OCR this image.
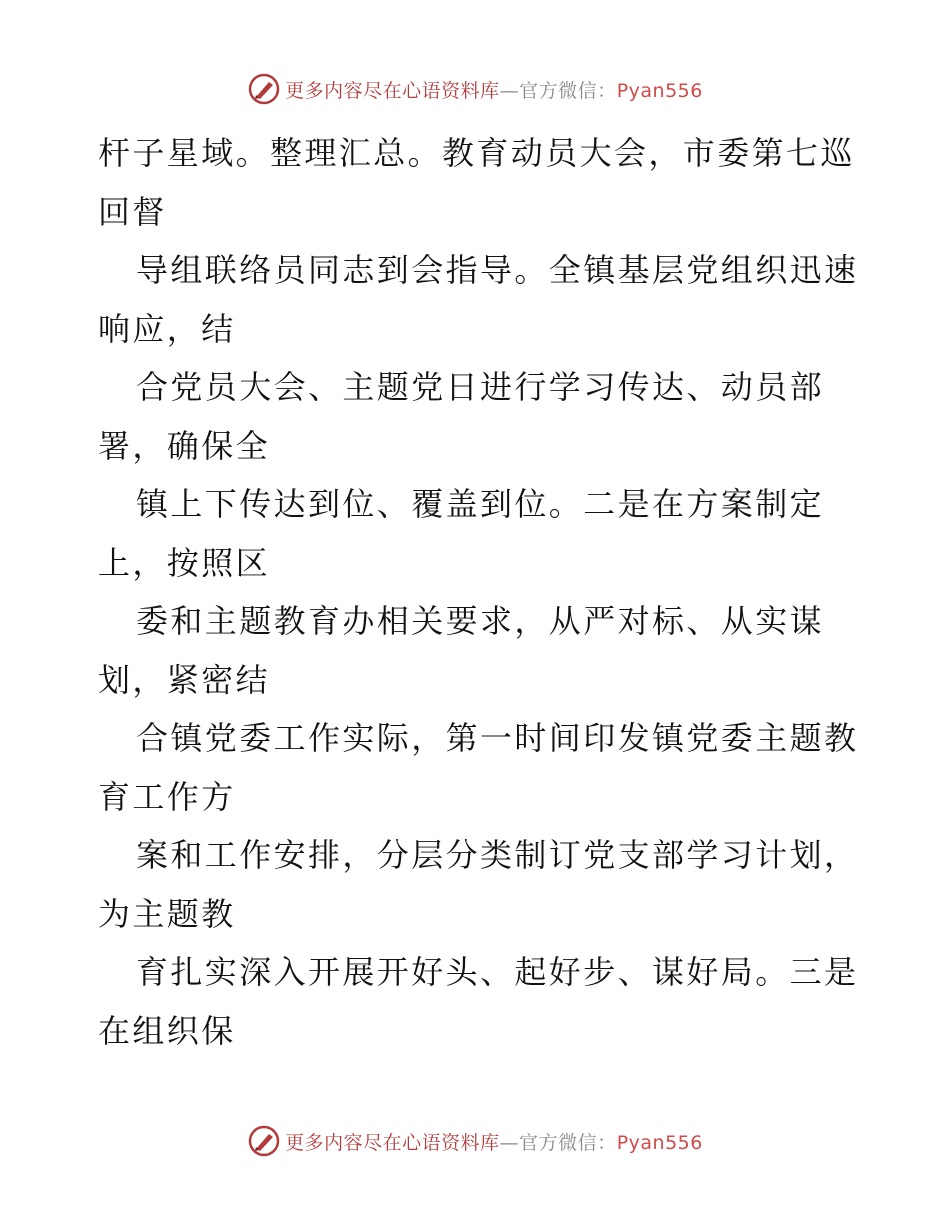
更多内容尽在心语资料库—官方微信：Pyan556
杆子星域。整理汇总。教育动员大会，市委第七巡
回督
导组联络员同志到会指导。全镇基层党组织迅速
响应，结
合党员大会、主题党日进行学习传达、动员部
署，确保全
镇上下传达到位、覆盖到位。二是在方案制定
上，按照区
委和主题教育办相关要求，从严对标、从实谋
划，紧密结
合镇党委工作实际，第一时间印发镇党委主题教
育工作方
案和工作安排，分层分类制订党支部学习计划，
为主题教
育扎实深入开展开好头、起好步、谋好局。三是
在组织保
更多内容尽在心语资料库—官方微信：Pyan556
